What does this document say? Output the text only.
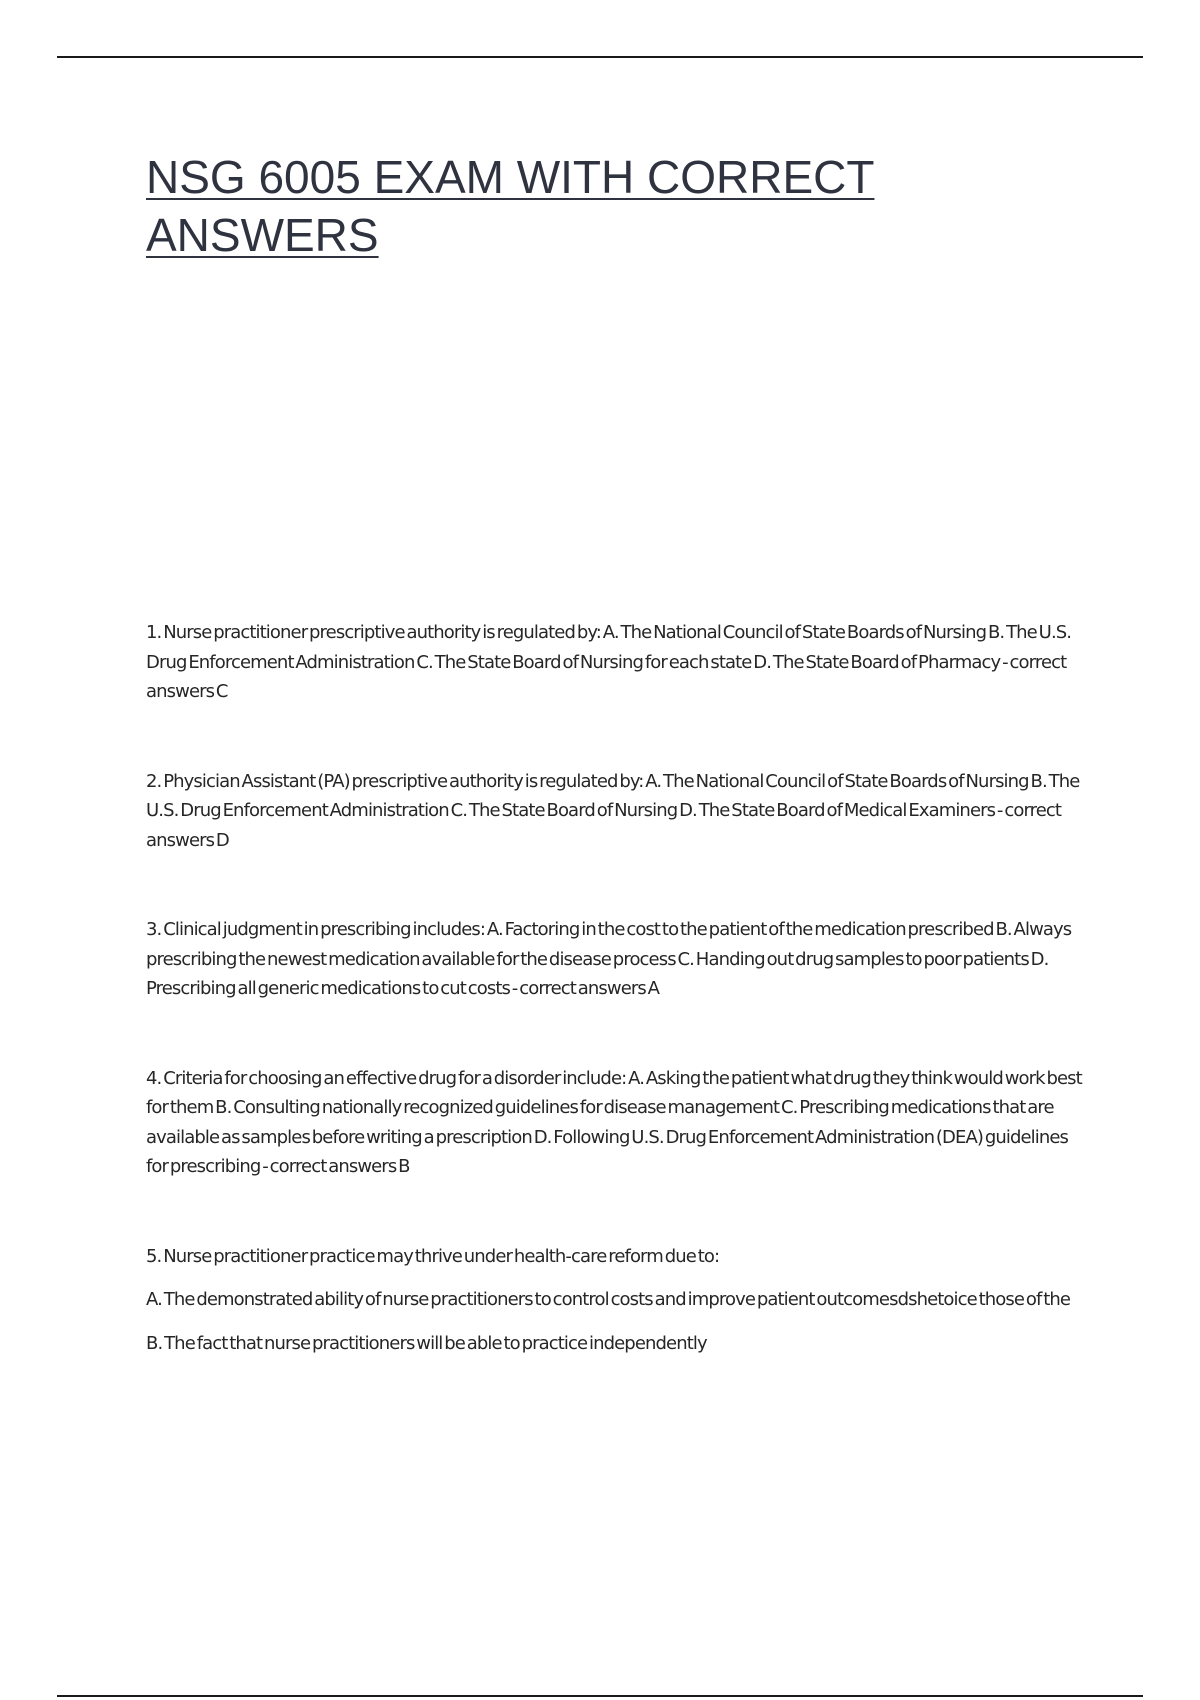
NSG 6005 EXAM WITH CORRECT ANSWERS

1. Nurse practitioner prescriptive authority is regulated by: A. The National Council of State Boards of Nursing B. The U.S. Drug Enforcement Administration C. The State Board of Nursing for each state D. The State Board of Pharmacy - correct answers C

2. Physician Assistant (PA) prescriptive authority is regulated by: A. The National Council of State Boards of Nursing B. The U.S. Drug Enforcement Administration C. The State Board of Nursing D. The State Board of Medical Examiners - correct answers D

3. Clinical judgment in prescribing includes: A. Factoring in the cost to the patient of the medication prescribed B. Always prescribing the newest medication available for the disease process C. Handing out drug samples to poor patients D. Prescribing all generic medications to cut costs - correct answers A

4. Criteria for choosing an effective drug for a disorder include: A. Asking the patient what drug they think would work best for them B. Consulting nationally recognized guidelines for disease management C. Prescribing medications that are available as samples before writing a prescription D. Following U.S. Drug Enforcement Administration (DEA) guidelines for prescribing - correct answers B

5. Nurse practitioner practice may thrive under health-care reform due to:

A. The demonstrated ability of nurse practitioners to control costs and improve patient outcomesdshetoice those of the

B. The fact that nurse practitioners will be able to practice independently
